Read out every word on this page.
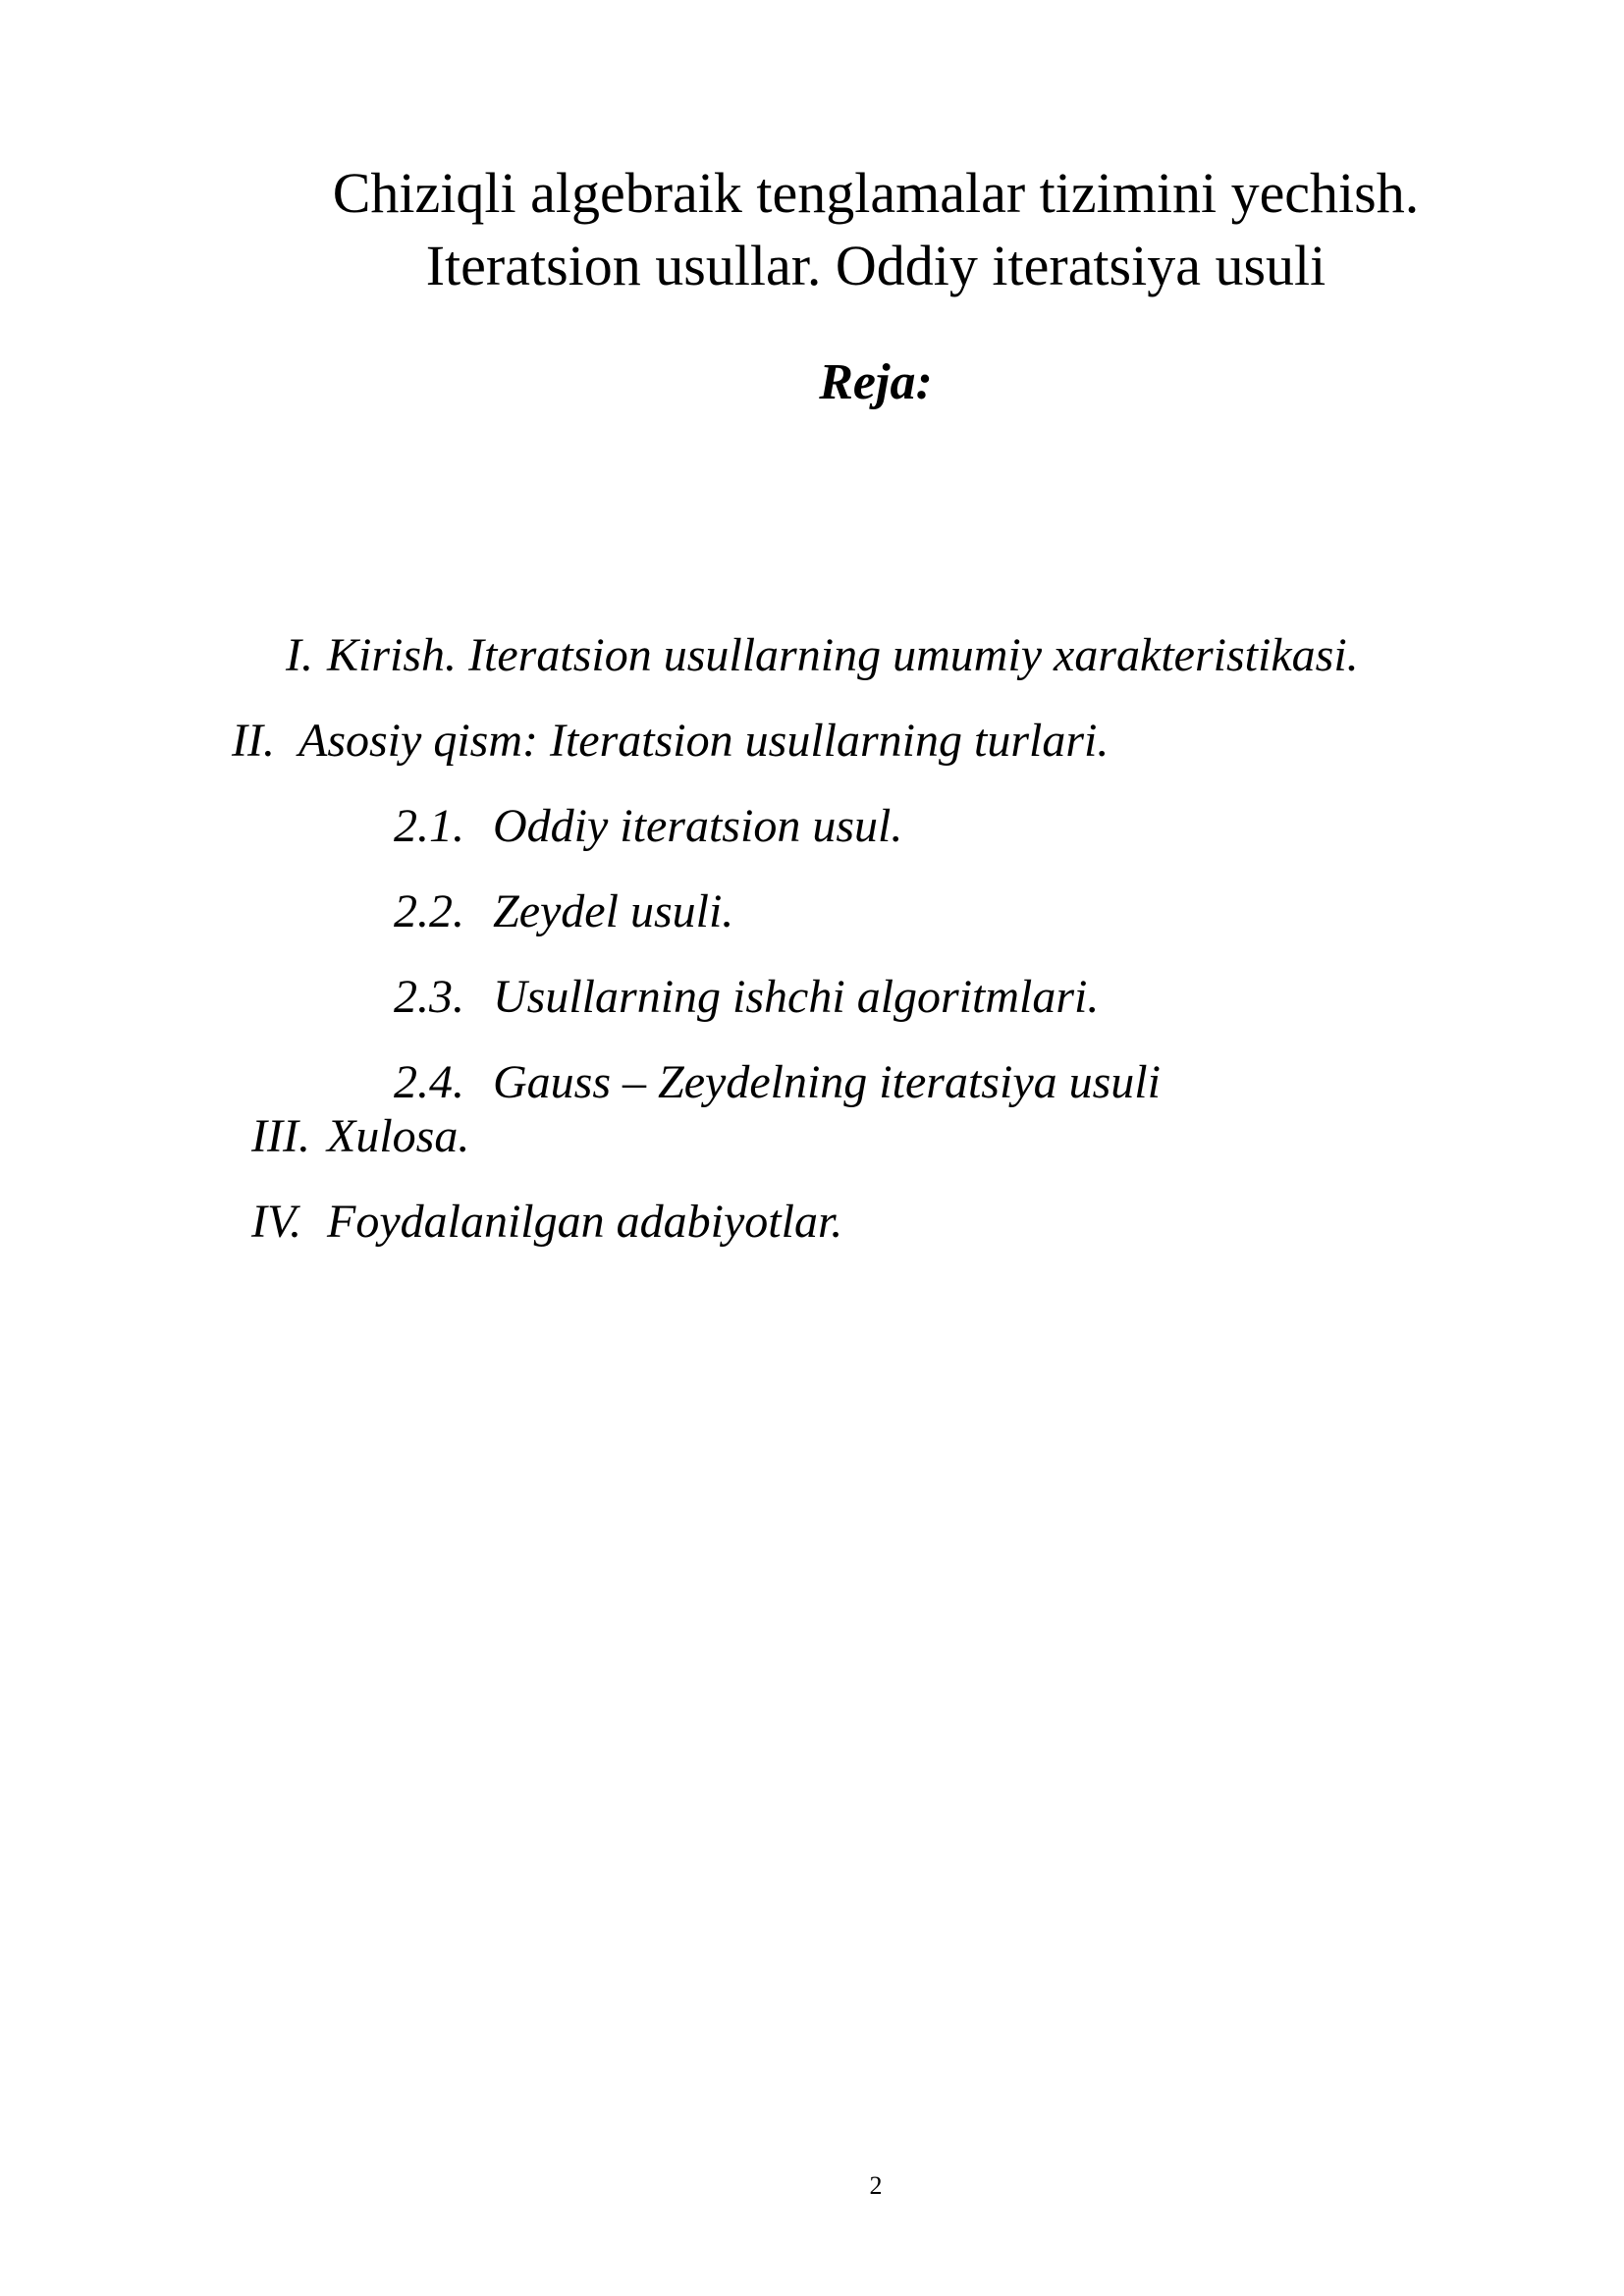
Chiziqli algebraik tenglamalar tizimini yechish.
Iteratsion usullar. Oddiy iteratsiya usuli
Reja:
I. Kirish. Iteratsion usullarning umumiy xarakteristikasi.
II. Asosiy qism: Iteratsion usullarning turlari.
2.1. Oddiy iteratsion usul.
2.2. Zeydel usuli.
2.3. Usullarning ishchi algoritmlari.
2.4. Gauss – Zeydelning iteratsiya usuli
III. Xulosa.
IV. Foydalanilgan adabiyotlar.
2
